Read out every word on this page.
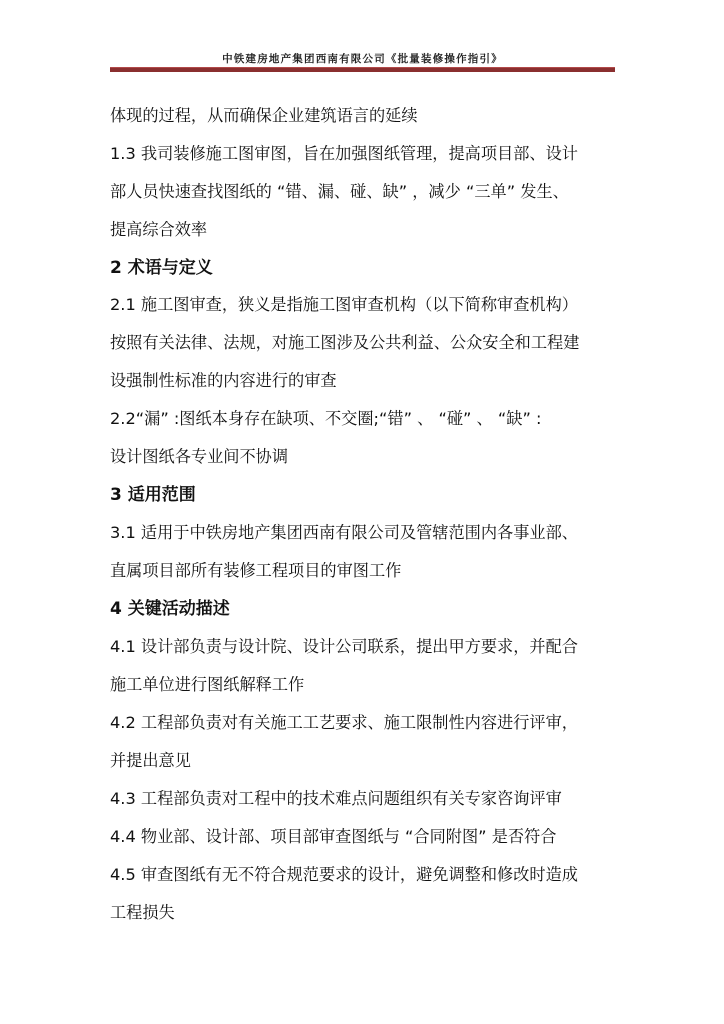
中铁建房地产集团西南有限公司《批量装修操作指引》
体现的过程，从而确保企业建筑语言的延续
1.3 我司装修施工图审图，旨在加强图纸管理，提高项目部、设计
部人员快速查找图纸的 “错、漏、碰、缺” ，减少 “三单” 发生、
提高综合效率
2 术语与定义
2.1 施工图审查，狭义是指施工图审查机构（以下简称审查机构）
按照有关法律、法规，对施工图涉及公共利益、公众安全和工程建
设强制性标准的内容进行的审查
2.2“漏” :图纸本身存在缺项、不交圈;“错” 、 “碰” 、 “缺” :
设计图纸各专业间不协调
3 适用范围
3.1 适用于中铁房地产集团西南有限公司及管辖范围内各事业部、
直属项目部所有装修工程项目的审图工作
4 关键活动描述
4.1 设计部负责与设计院、设计公司联系，提出甲方要求，并配合
施工单位进行图纸解释工作
4.2 工程部负责对有关施工工艺要求、施工限制性内容进行评审，
并提出意见
4.3 工程部负责对工程中的技术难点问题组织有关专家咨询评审
4.4 物业部、设计部、项目部审查图纸与 “合同附图” 是否符合
4.5 审查图纸有无不符合规范要求的设计，避免调整和修改时造成
工程损失
